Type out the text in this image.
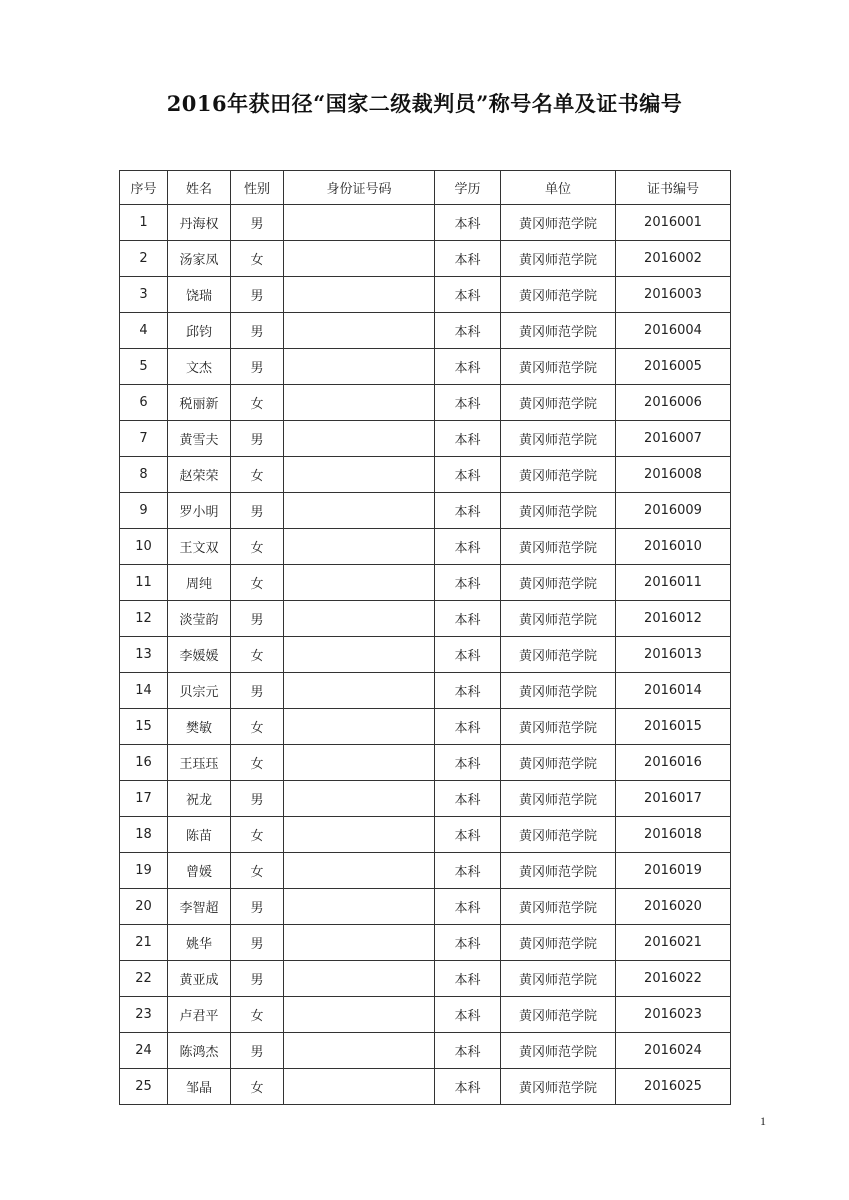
2016年获田径“国家二级裁判员”称号名单及证书编号
序号	姓名	性别	身份证号码	学历	单位	证书编号
1	丹海权	男		本科	黄冈师范学院	2016001
2	汤家凤	女		本科	黄冈师范学院	2016002
3	饶瑞	男		本科	黄冈师范学院	2016003
4	邱钧	男		本科	黄冈师范学院	2016004
5	文杰	男		本科	黄冈师范学院	2016005
6	税丽新	女		本科	黄冈师范学院	2016006
7	黄雪夫	男		本科	黄冈师范学院	2016007
8	赵荣荣	女		本科	黄冈师范学院	2016008
9	罗小明	男		本科	黄冈师范学院	2016009
10	王文双	女		本科	黄冈师范学院	2016010
11	周纯	女		本科	黄冈师范学院	2016011
12	淡莹韵	男		本科	黄冈师范学院	2016012
13	李媛媛	女		本科	黄冈师范学院	2016013
14	贝宗元	男		本科	黄冈师范学院	2016014
15	樊敏	女		本科	黄冈师范学院	2016015
16	王珏珏	女		本科	黄冈师范学院	2016016
17	祝龙	男		本科	黄冈师范学院	2016017
18	陈苗	女		本科	黄冈师范学院	2016018
19	曾媛	女		本科	黄冈师范学院	2016019
20	李智超	男		本科	黄冈师范学院	2016020
21	姚华	男		本科	黄冈师范学院	2016021
22	黄亚成	男		本科	黄冈师范学院	2016022
23	卢君平	女		本科	黄冈师范学院	2016023
24	陈鸿杰	男		本科	黄冈师范学院	2016024
25	邹晶	女		本科	黄冈师范学院	2016025
1
